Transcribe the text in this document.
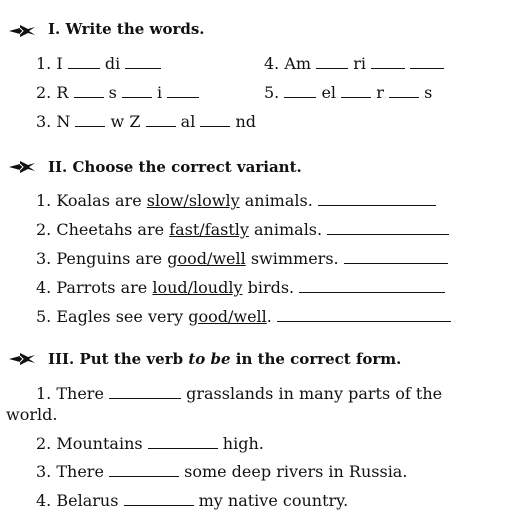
I. Write the words.
1. I	di	4. Am	ri
2. R	s	i	5.	el	r	s
3. N	w Z	al	nd
II. Choose the correct variant.
1. Koalas are slow/slowly animals.
2. Cheetahs are fast/fastly animals.
3. Penguins are good/well swimmers.
4. Parrots are loud/loudly birds.
5. Eagles see very good/well.
III. Put the verb to be in the correct form.
1. There	grasslands in many parts of the
world.
2. Mountains	high.
3. There	some deep rivers in Russia.
4. Belarus	my native country.
